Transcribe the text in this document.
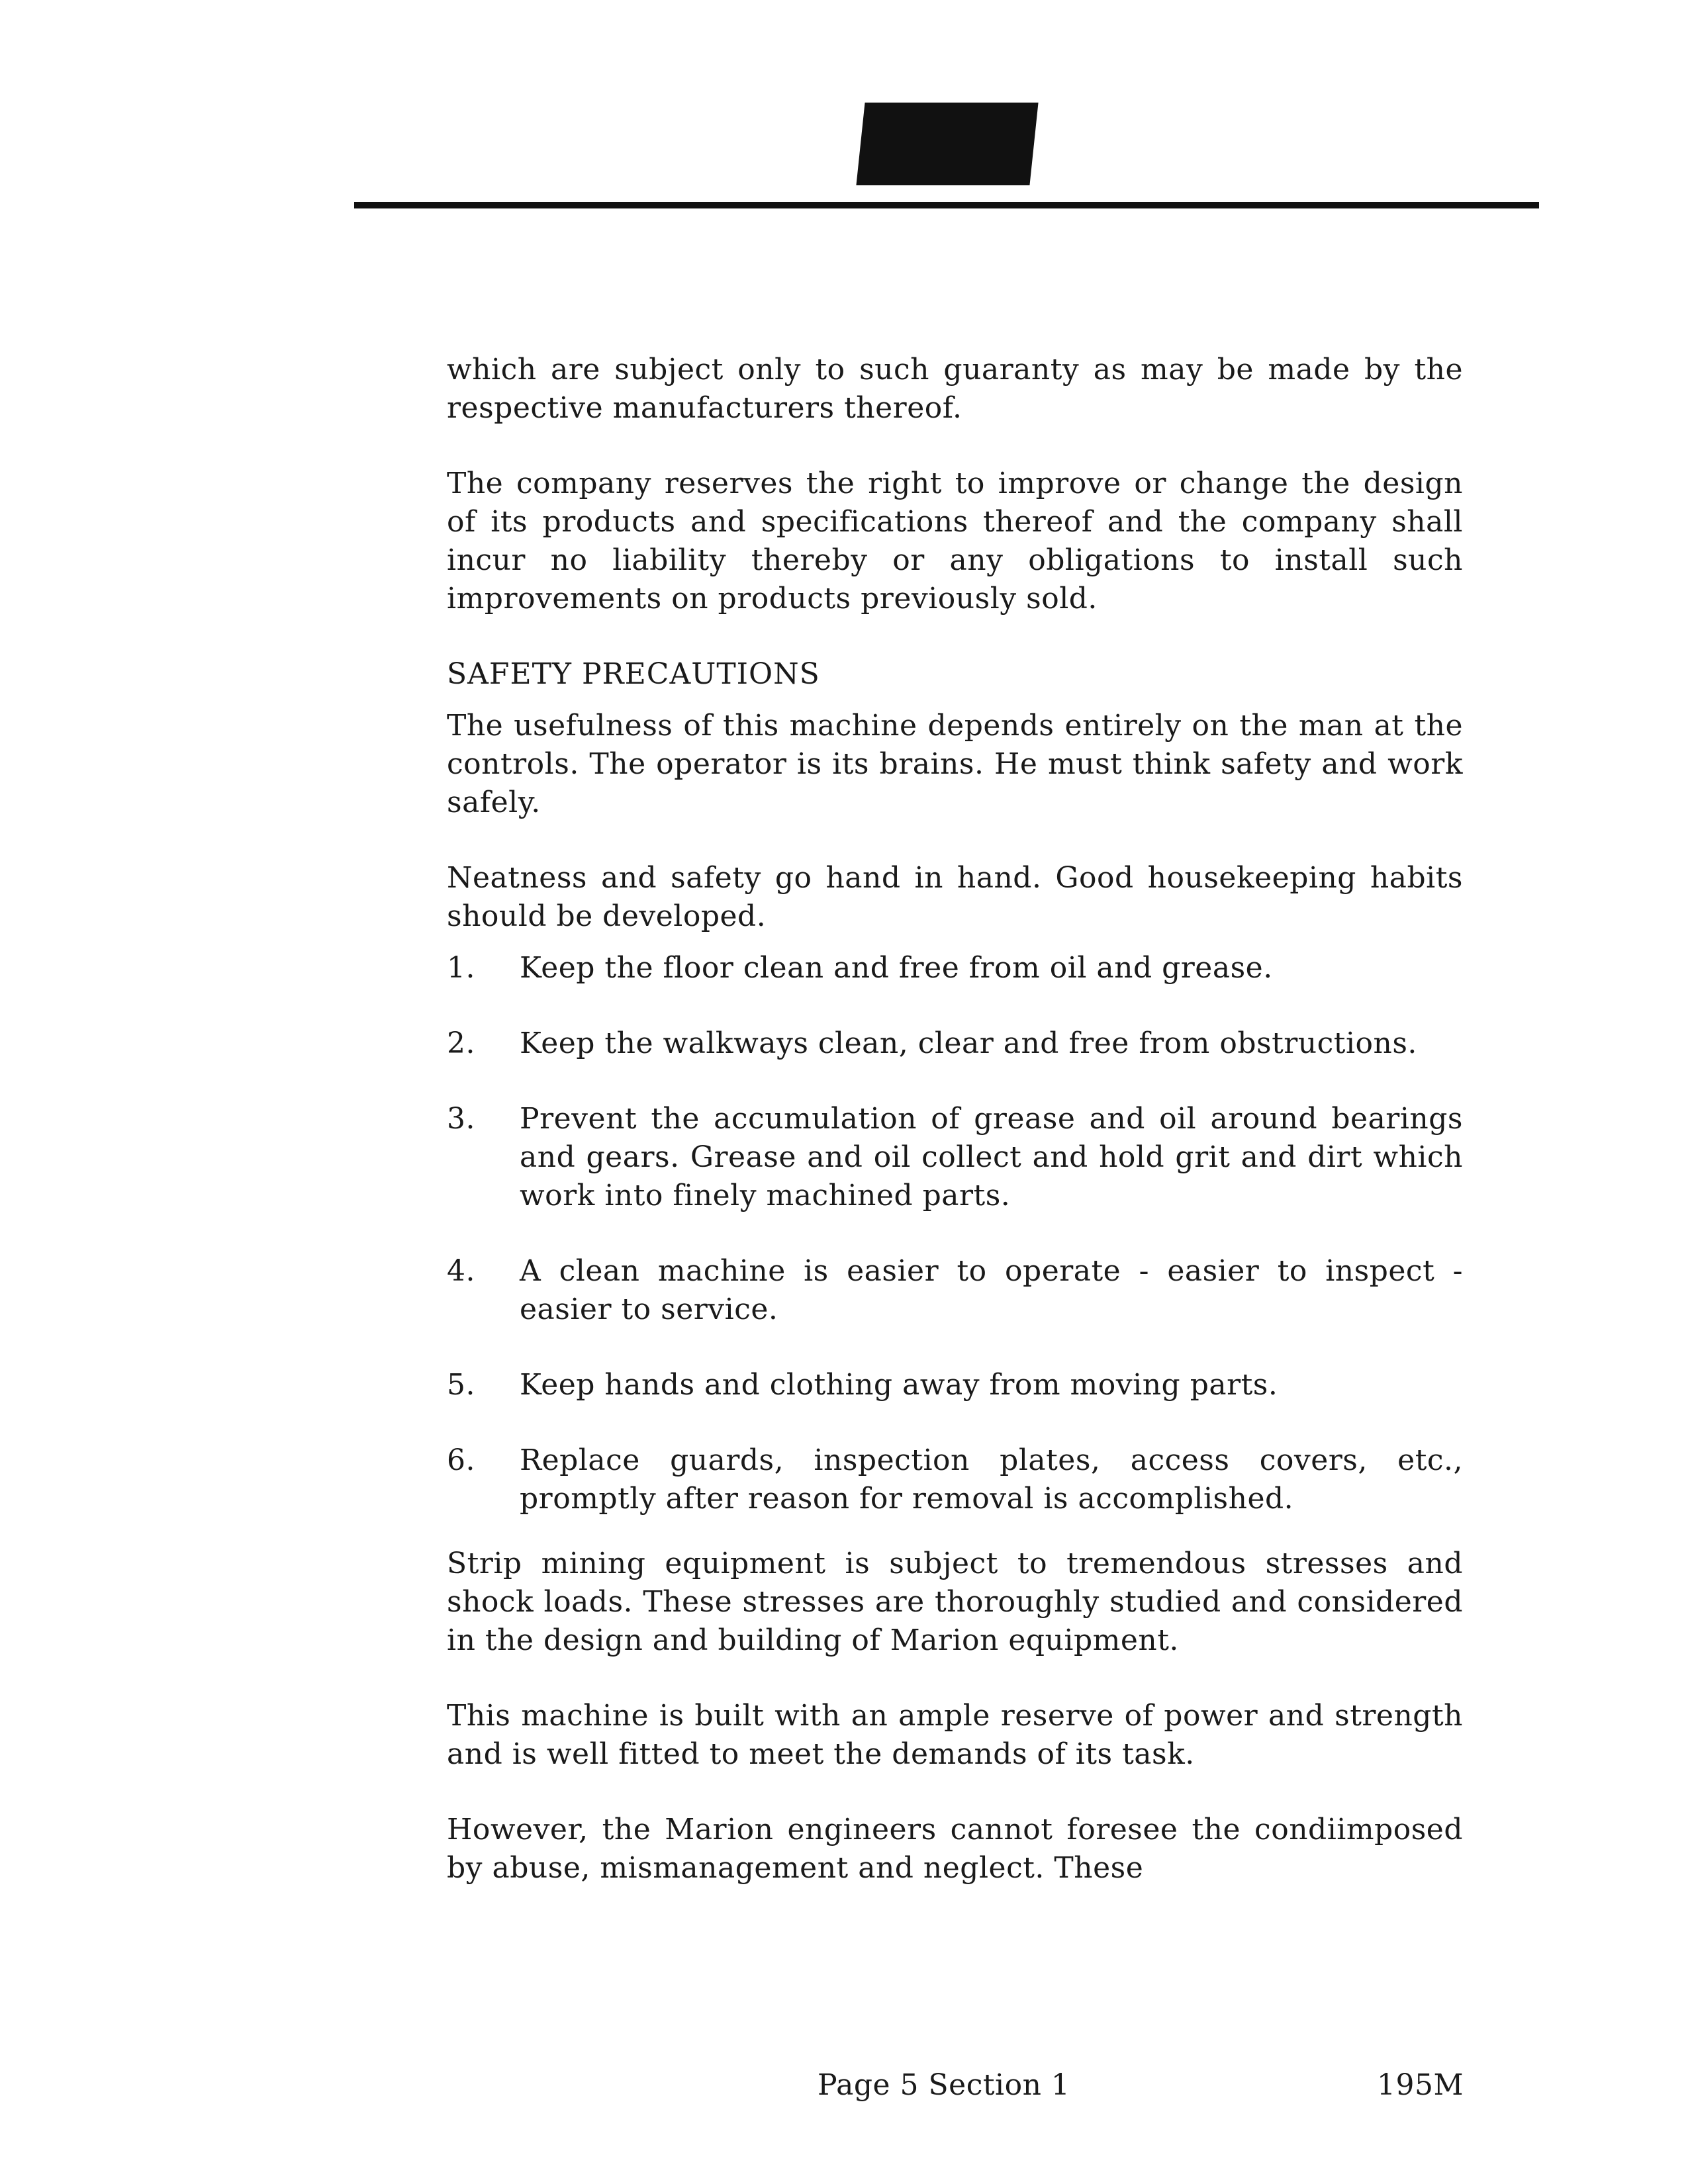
which are subject only to such guaranty as may be made by the respective manufacturers thereof.

The company reserves the right to improve or change the design of its products and specifications thereof and the company shall incur no liability thereby or any obligations to install such improvements on products previously sold.

SAFETY PRECAUTIONS

The usefulness of this machine depends entirely on the man at the controls. The operator is its brains. He must think safety and work safely.

Neatness and safety go hand in hand. Good housekeeping habits should be developed.

1.	Keep the floor clean and free from oil and grease.
2.	Keep the walkways clean, clear and free from obstructions.
3.	Prevent the accumulation of grease and oil around bearings and gears. Grease and oil collect and hold grit and dirt which work into finely machined parts.
4.	A clean machine is easier to operate - easier to inspect - easier to service.
5.	Keep hands and clothing away from moving parts.
6.	Replace guards, inspection plates, access covers, etc., promptly after reason for removal is accomplished.

Strip mining equipment is subject to tremendous stresses and shock loads. These stresses are thoroughly studied and considered in the design and building of Marion equipment.

This machine is built with an ample reserve of power and strength and is well fitted to meet the demands of its task.

However, the Marion engineers cannot foresee the condiimposed by abuse, mismanagement and neglect. These

Page 5 Section 1	195M
